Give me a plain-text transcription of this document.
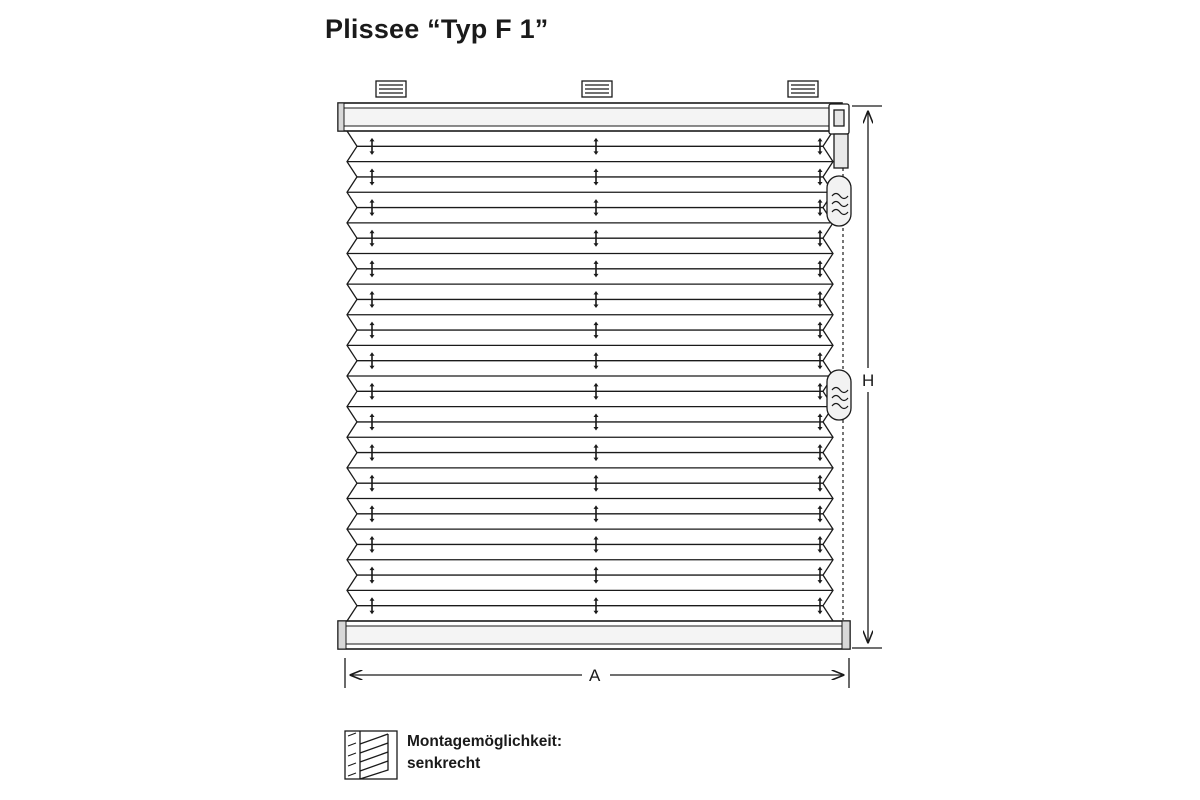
Plissee “Typ F 1”
H
A
Montagemöglichkeit:
senkrecht
